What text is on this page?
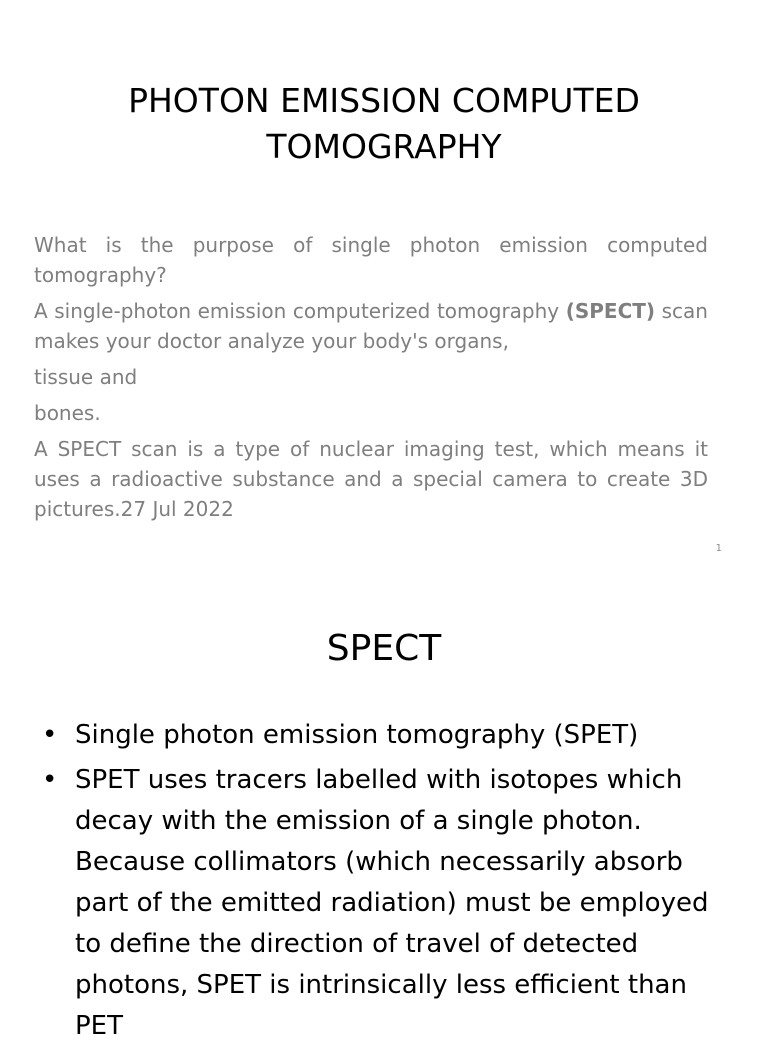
PHOTON EMISSION COMPUTED TOMOGRAPHY

What is the purpose of single photon emission computed tomography?

A single-photon emission computerized tomography (SPECT) scan makes your doctor analyze your body's organs,

tissue and

bones.

A SPECT scan is a type of nuclear imaging test, which means it uses a radioactive substance and a special camera to create 3D pictures.27 Jul 2022

1
SPECT
• Single photon emission tomography (SPET)
• SPET uses tracers labelled with isotopes which decay with the emission of a single photon. Because collimators (which necessarily absorb part of the emitted radiation) must be employed to define the direction of travel of detected photons, SPET is intrinsically less efficient than PET
